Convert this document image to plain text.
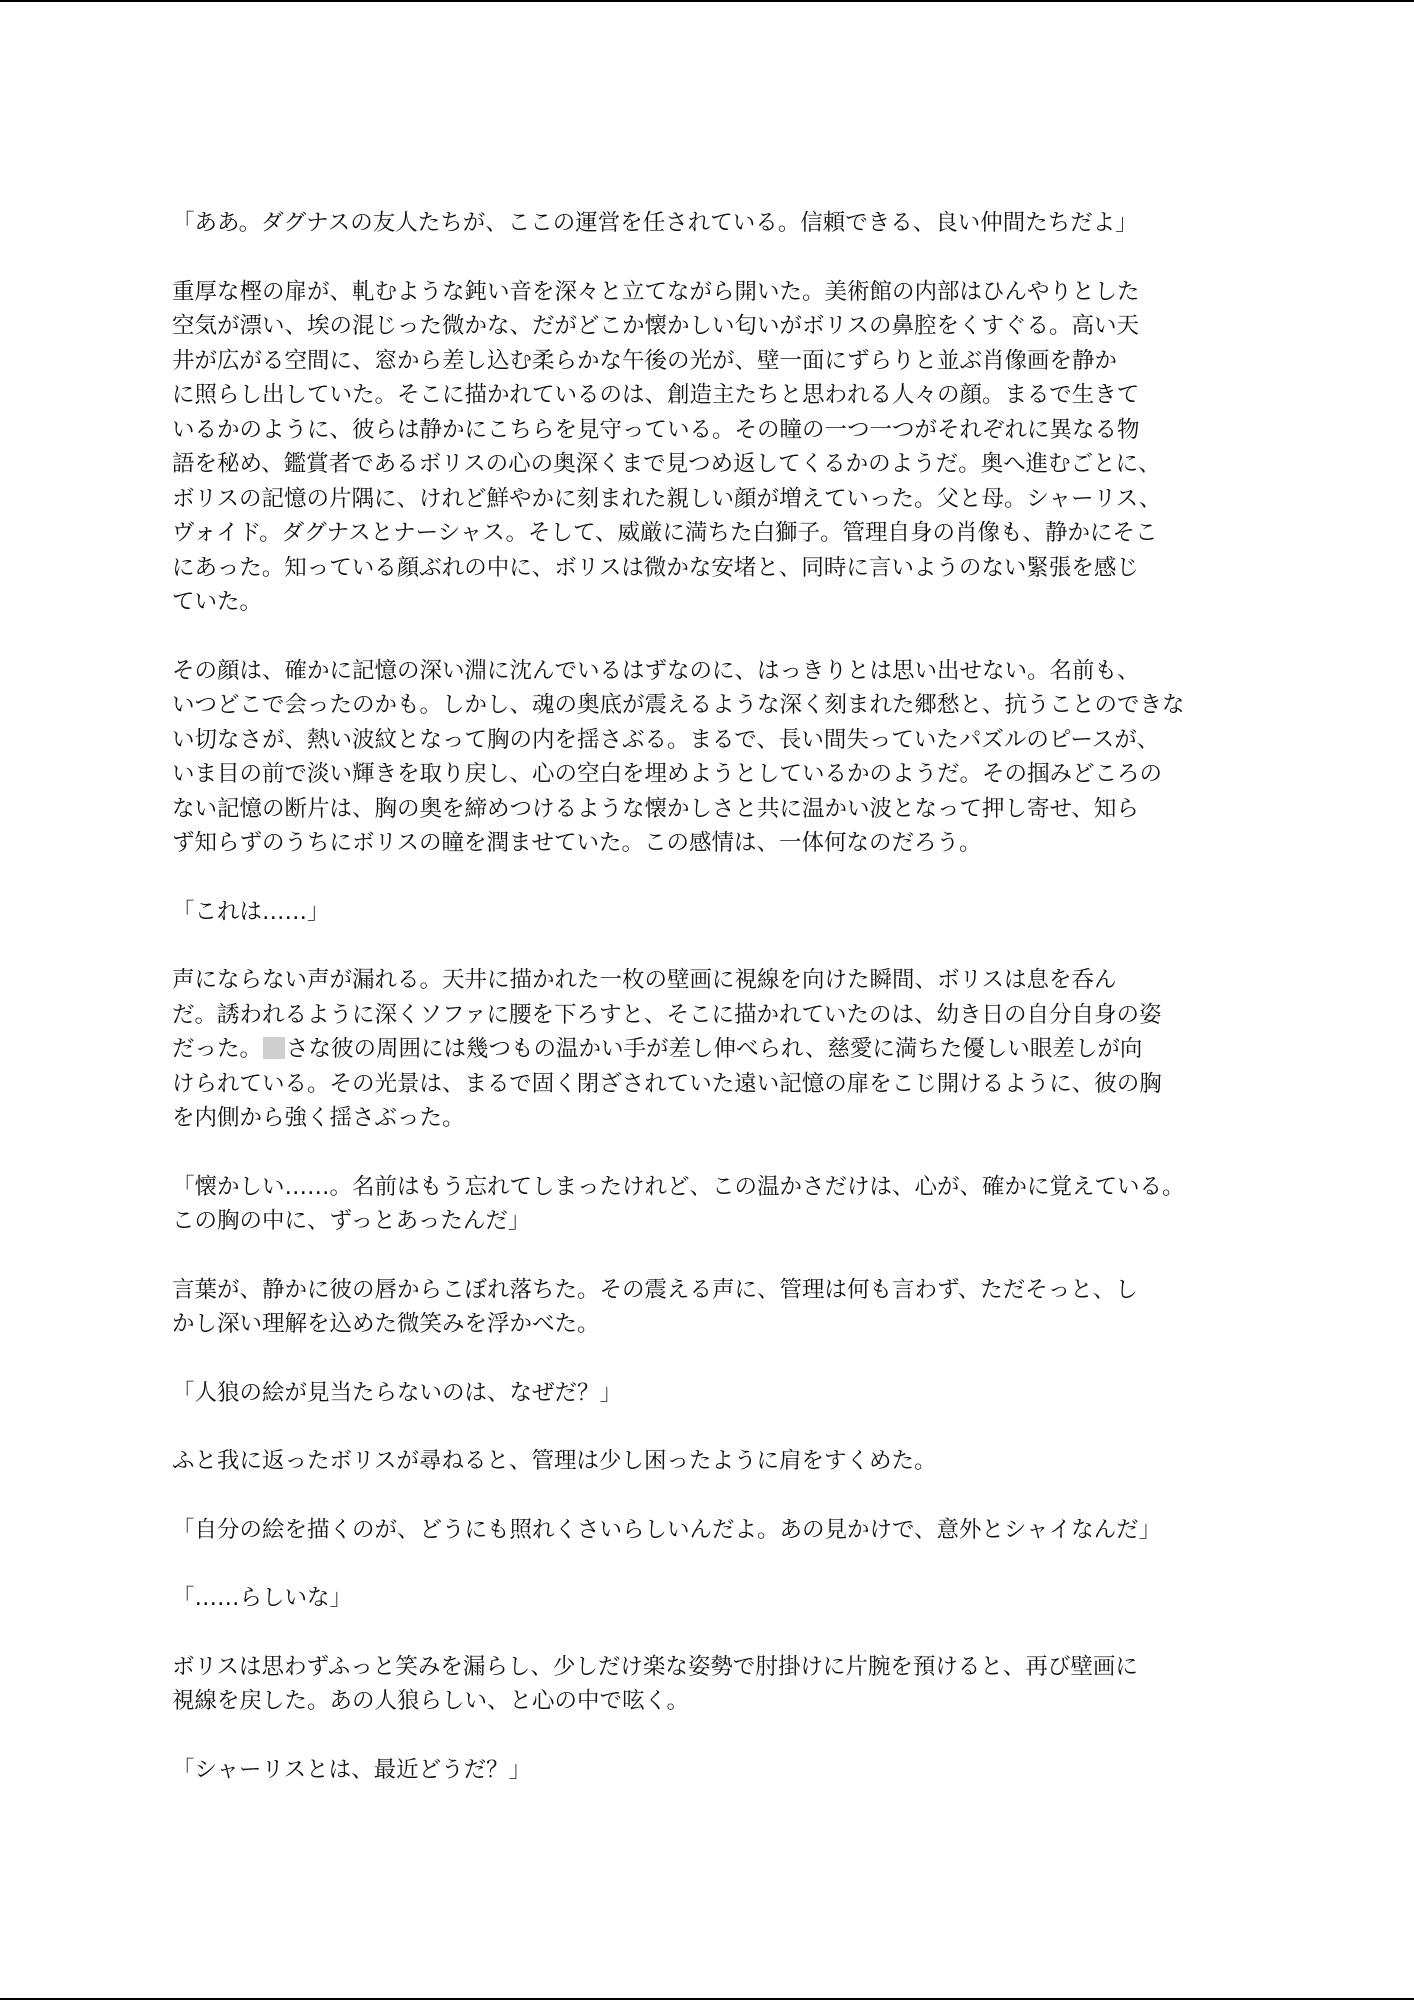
「ああ。ダグナスの友人たちが、ここの運営を任されている。信頼できる、良い仲間たちだよ」

重厚な樫の扉が、軋むような鈍い音を深々と立てながら開いた。美術館の内部はひんやりとした
空気が漂い、埃の混じった微かな、だがどこか懐かしい匂いがボリスの鼻腔をくすぐる。高い天
井が広がる空間に、窓から差し込む柔らかな午後の光が、壁一面にずらりと並ぶ肖像画を静か
に照らし出していた。そこに描かれているのは、創造主たちと思われる人々の顔。まるで生きて
いるかのように、彼らは静かにこちらを見守っている。その瞳の一つ一つがそれぞれに異なる物
語を秘め、鑑賞者であるボリスの心の奥深くまで見つめ返してくるかのようだ。奥へ進むごとに、
ボリスの記憶の片隅に、けれど鮮やかに刻まれた親しい顔が増えていった。父と母。シャーリス、
ヴォイド。ダグナスとナーシャス。そして、威厳に満ちた白獅子。管理自身の肖像も、静かにそこ
にあった。知っている顔ぶれの中に、ボリスは微かな安堵と、同時に言いようのない緊張を感じ
ていた。

その顔は、確かに記憶の深い淵に沈んでいるはずなのに、はっきりとは思い出せない。名前も、
いつどこで会ったのかも。しかし、魂の奥底が震えるような深く刻まれた郷愁と、抗うことのできな
い切なさが、熱い波紋となって胸の内を揺さぶる。まるで、長い間失っていたパズルのピースが、
いま目の前で淡い輝きを取り戻し、心の空白を埋めようとしているかのようだ。その掴みどころの
ない記憶の断片は、胸の奥を締めつけるような懐かしさと共に温かい波となって押し寄せ、知ら
ず知らずのうちにボリスの瞳を潤ませていた。この感情は、一体何なのだろう。

「これは……」

声にならない声が漏れる。天井に描かれた一枚の壁画に視線を向けた瞬間、ボリスは息を呑ん
だ。誘われるように深くソファに腰を下ろすと、そこに描かれていたのは、幼き日の自分自身の姿
だった。 さな彼の周囲には幾つもの温かい手が差し伸べられ、慈愛に満ちた優しい眼差しが向
けられている。その光景は、まるで固く閉ざされていた遠い記憶の扉をこじ開けるように、彼の胸
を内側から強く揺さぶった。

「懐かしい……。名前はもう忘れてしまったけれど、この温かさだけは、心が、確かに覚えている。
この胸の中に、ずっとあったんだ」

言葉が、静かに彼の唇からこぼれ落ちた。その震える声に、管理は何も言わず、ただそっと、し
かし深い理解を込めた微笑みを浮かべた。

「人狼の絵が見当たらないのは、なぜだ？」

ふと我に返ったボリスが尋ねると、管理は少し困ったように肩をすくめた。

「自分の絵を描くのが、どうにも照れくさいらしいんだよ。あの見かけで、意外とシャイなんだ」

「……らしいな」

ボリスは思わずふっと笑みを漏らし、少しだけ楽な姿勢で肘掛けに片腕を預けると、再び壁画に
視線を戻した。あの人狼らしい、と心の中で呟く。

「シャーリスとは、最近どうだ？」
